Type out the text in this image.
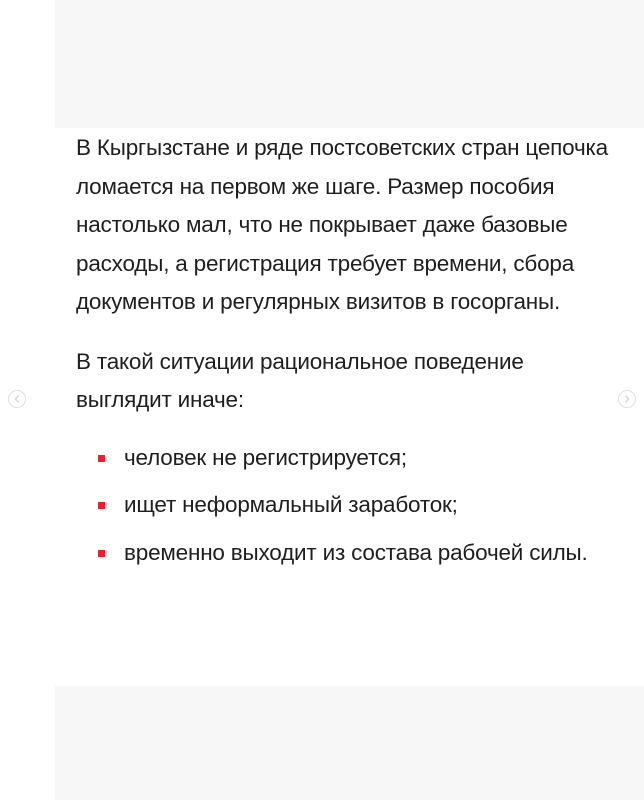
В Кыргызстане и ряде постсоветских стран цепочка ломается на первом же шаге. Размер пособия настолько мал, что не покрывает даже базовые расходы, а регистрация требует времени, сбора документов и регулярных визитов в госорганы.

В такой ситуации рациональное поведение выглядит иначе:

человек не регистрируется;
ищет неформальный заработок;
временно выходит из состава рабочей силы.
